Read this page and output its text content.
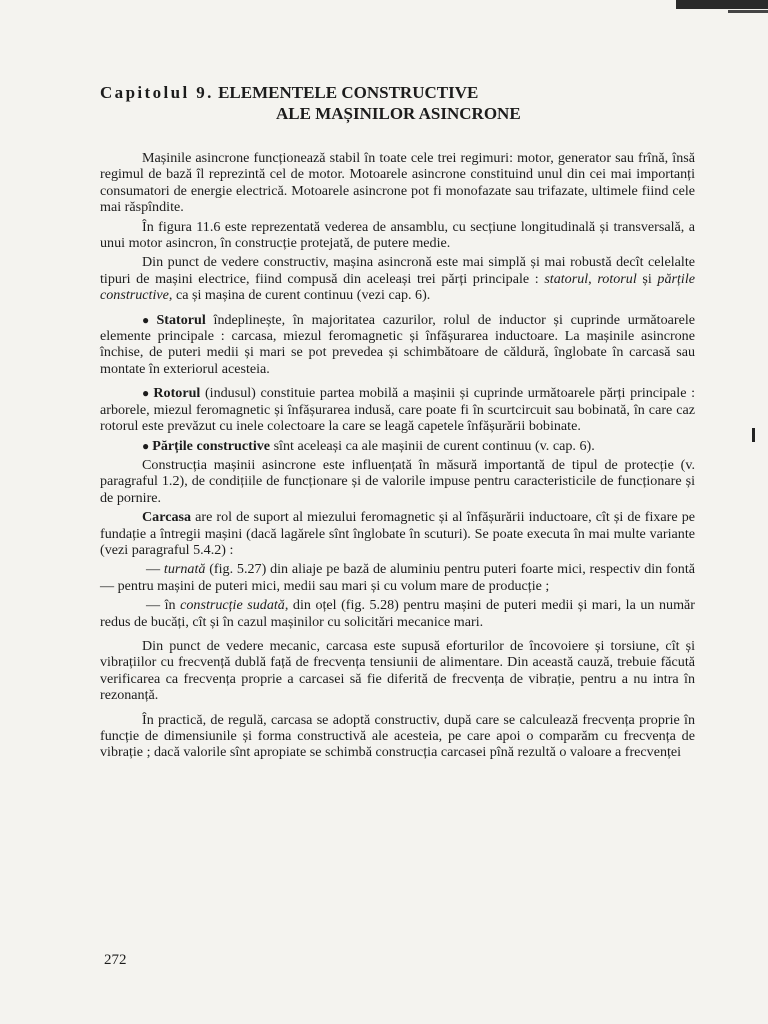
Capitolul 9. ELEMENTELE CONSTRUCTIVE
ALE MAȘINILOR ASINCRONE

Mașinile asincrone funcționează stabil în toate cele trei regimuri: motor, generator sau frînă, însă regimul de bază îl reprezintă cel de motor. Motoarele asincrone constituind unul din cei mai importanți consumatori de energie electrică. Motoarele asincrone pot fi monofazate sau trifazate, ultimele fiind cele mai răspîndite.

În figura 11.6 este reprezentată vederea de ansamblu, cu secțiune longitudinală și transversală, a unui motor asincron, în construcție protejată, de putere medie.

Din punct de vedere constructiv, mașina asincronă este mai simplă și mai robustă decît celelalte tipuri de mașini electrice, fiind compusă din aceleași trei părți principale : statorul, rotorul și părțile constructive, ca și mașina de curent continuu (vezi cap. 6).

● Statorul îndeplinește, în majoritatea cazurilor, rolul de inductor și cuprinde următoarele elemente principale : carcasa, miezul feromagnetic și înfășurarea inductoare. La mașinile asincrone închise, de puteri medii și mari se pot prevedea și schimbătoare de căldură, înglobate în carcasă sau montate în exteriorul acesteia.

● Rotorul (indusul) constituie partea mobilă a mașinii și cuprinde următoarele părți principale : arborele, miezul feromagnetic și înfășurarea indusă, care poate fi în scurtcircuit sau bobinată, în care caz rotorul este prevăzut cu inele colectoare la care se leagă capetele înfășurării bobinate.

● Părțile constructive sînt aceleași ca ale mașinii de curent continuu (v. cap. 6).

Construcția mașinii asincrone este influențată în măsură importantă de tipul de protecție (v. paragraful 1.2), de condițiile de funcționare și de valorile impuse pentru caracteristicile de funcționare și de pornire.

Carcasa are rol de suport al miezului feromagnetic și al înfășurării inductoare, cît și de fixare pe fundație a întregii mașini (dacă lagărele sînt înglobate în scuturi). Se poate executa în mai multe variante (vezi paragraful 5.4.2) :

— turnată (fig. 5.27) din aliaje pe bază de aluminiu pentru puteri foarte mici, respectiv din fontă — pentru mașini de puteri mici, medii sau mari și cu volum mare de producție ;

— în construcție sudată, din oțel (fig. 5.28) pentru mașini de puteri medii și mari, la un număr redus de bucăți, cît și în cazul mașinilor cu solicitări mecanice mari.

Din punct de vedere mecanic, carcasa este supusă eforturilor de încovoiere și torsiune, cît și vibrațiilor cu frecvență dublă față de frecvența tensiunii de alimentare. Din această cauză, trebuie făcută verificarea ca frecvența proprie a carcasei să fie diferită de frecvența de vibrație, pentru a nu intra în rezonanță.

În practică, de regulă, carcasa se adoptă constructiv, după care se calculează frecvența proprie în funcție de dimensiunile și forma constructivă ale acesteia, pe care apoi o comparăm cu frecvența de vibrație ; dacă valorile sînt apropiate se schimbă construcția carcasei pînă rezultă o valoare a frecvenței

272
